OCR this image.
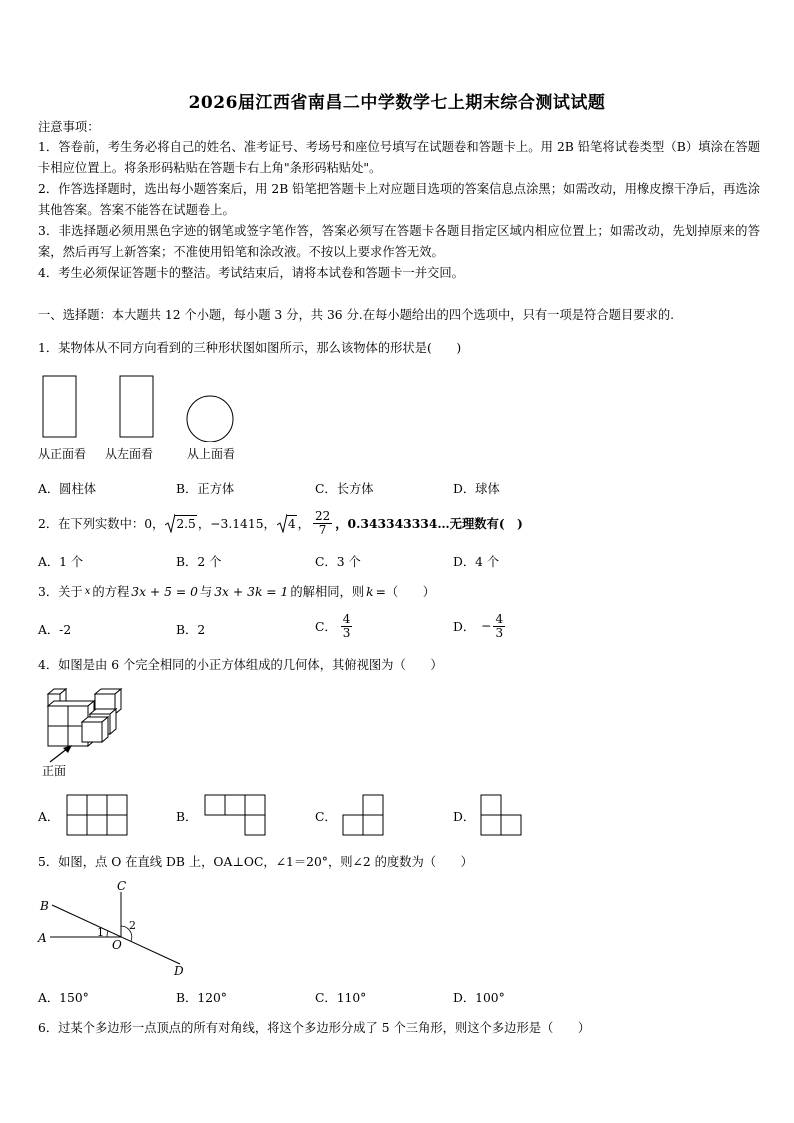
2026届江西省南昌二中学数学七上期末综合测试试题
注意事项：
1．答卷前，考生务必将自己的姓名、准考证号、考场号和座位号填写在试题卷和答题卡上。用 2B 铅笔将试卷类型（B）填涂在答题卡相应位置上。将条形码粘贴在答题卡右上角"条形码粘贴处"。
2．作答选择题时，选出每小题答案后，用 2B 铅笔把答题卡上对应题目选项的答案信息点涂黑；如需改动，用橡皮擦干净后，再选涂其他答案。答案不能答在试题卷上。
3．非选择题必须用黑色字迹的钢笔或签字笔作答，答案必须写在答题卡各题目指定区域内相应位置上；如需改动，先划掉原来的答案，然后再写上新答案；不准使用铅笔和涂改液。不按以上要求作答无效。
4．考生必须保证答题卡的整洁。考试结束后，请将本试卷和答题卡一并交回。
一、选择题：本大题共 12 个小题，每小题 3 分，共 36 分.在每小题给出的四个选项中，只有一项是符合题目要求的.
1．某物体从不同方向看到的三种形状图如图所示，那么该物体的形状是(　　)
从正面看 从左面看	从上面看
A．圆柱体	B．正方体	C．长方体	D．球体
2．在下列实数中：0， 2.5 ，−3.1415， 4 ， $\frac{22}{7}$ ，0.343343334…无理数有(　)
A．1 个	B．2 个	C．3 个	D．4 个
3．关于 x 的方程 3x + 5 = 0 与 3x + 3k = 1 的解相同，则 k =（　　）
A．-2	B．2	C． $\frac{4}{3}$	D． − $\frac{4}{3}$
4．如图是由 6 个完全相同的小正方体组成的几何体，其俯视图为（　　）
正面
A．	B．	C．	D．
5．如图，点 O 在直线 DB 上，OA⊥OC，∠1＝20°，则∠2 的度数为（　　）
B
A
C
O
D
1
2
A．150°	B．120°	C．110°	D．100°
6．过某个多边形一点顶点的所有对角线，将这个多边形分成了 5 个三角形，则这个多边形是（　　）
